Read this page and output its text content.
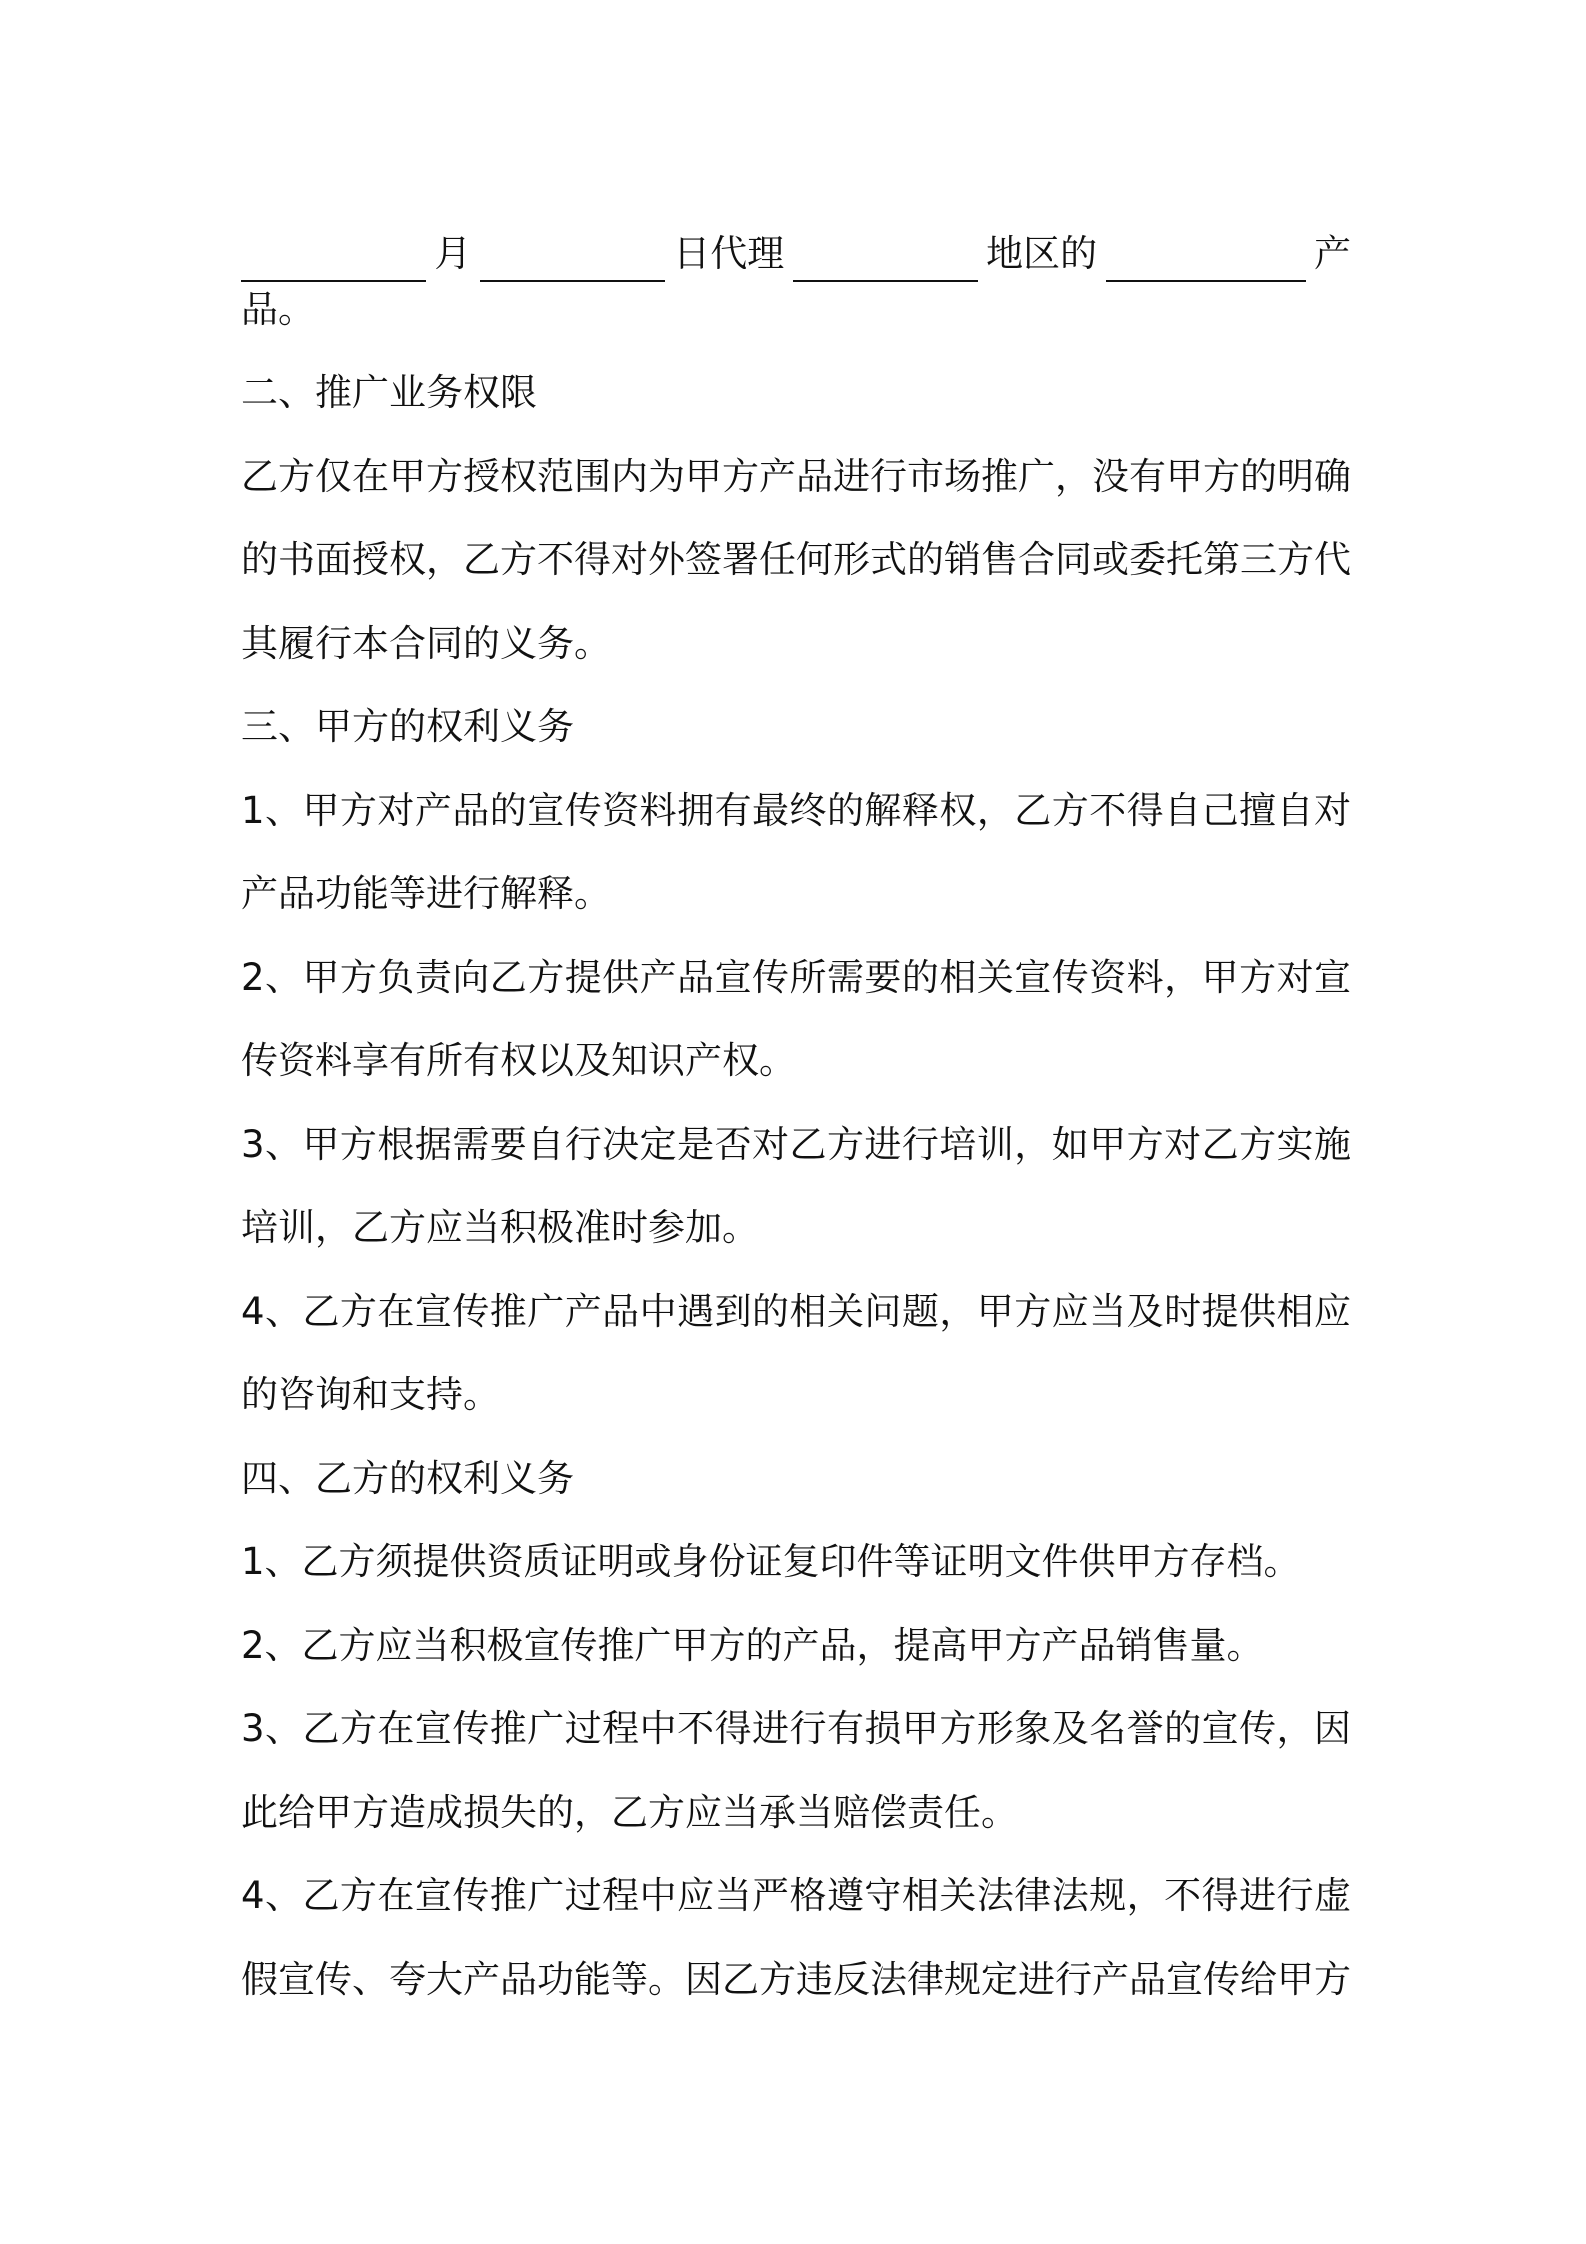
月	日代理	地区的	产
品。
二、推广业务权限
乙方仅在甲方授权范围内为甲方产品进行市场推广，没有甲方的明确
的书面授权，乙方不得对外签署任何形式的销售合同或委托第三方代
其履行本合同的义务。
三、甲方的权利义务
1、甲方对产品的宣传资料拥有最终的解释权，乙方不得自己擅自对
产品功能等进行解释。
2、甲方负责向乙方提供产品宣传所需要的相关宣传资料，甲方对宣
传资料享有所有权以及知识产权。
3、甲方根据需要自行决定是否对乙方进行培训，如甲方对乙方实施
培训，乙方应当积极准时参加。
4、乙方在宣传推广产品中遇到的相关问题，甲方应当及时提供相应
的咨询和支持。
四、乙方的权利义务
1、乙方须提供资质证明或身份证复印件等证明文件供甲方存档。
2、乙方应当积极宣传推广甲方的产品，提高甲方产品销售量。
3、乙方在宣传推广过程中不得进行有损甲方形象及名誉的宣传，因
此给甲方造成损失的，乙方应当承当赔偿责任。
4、乙方在宣传推广过程中应当严格遵守相关法律法规，不得进行虚
假宣传、夸大产品功能等。因乙方违反法律规定进行产品宣传给甲方
